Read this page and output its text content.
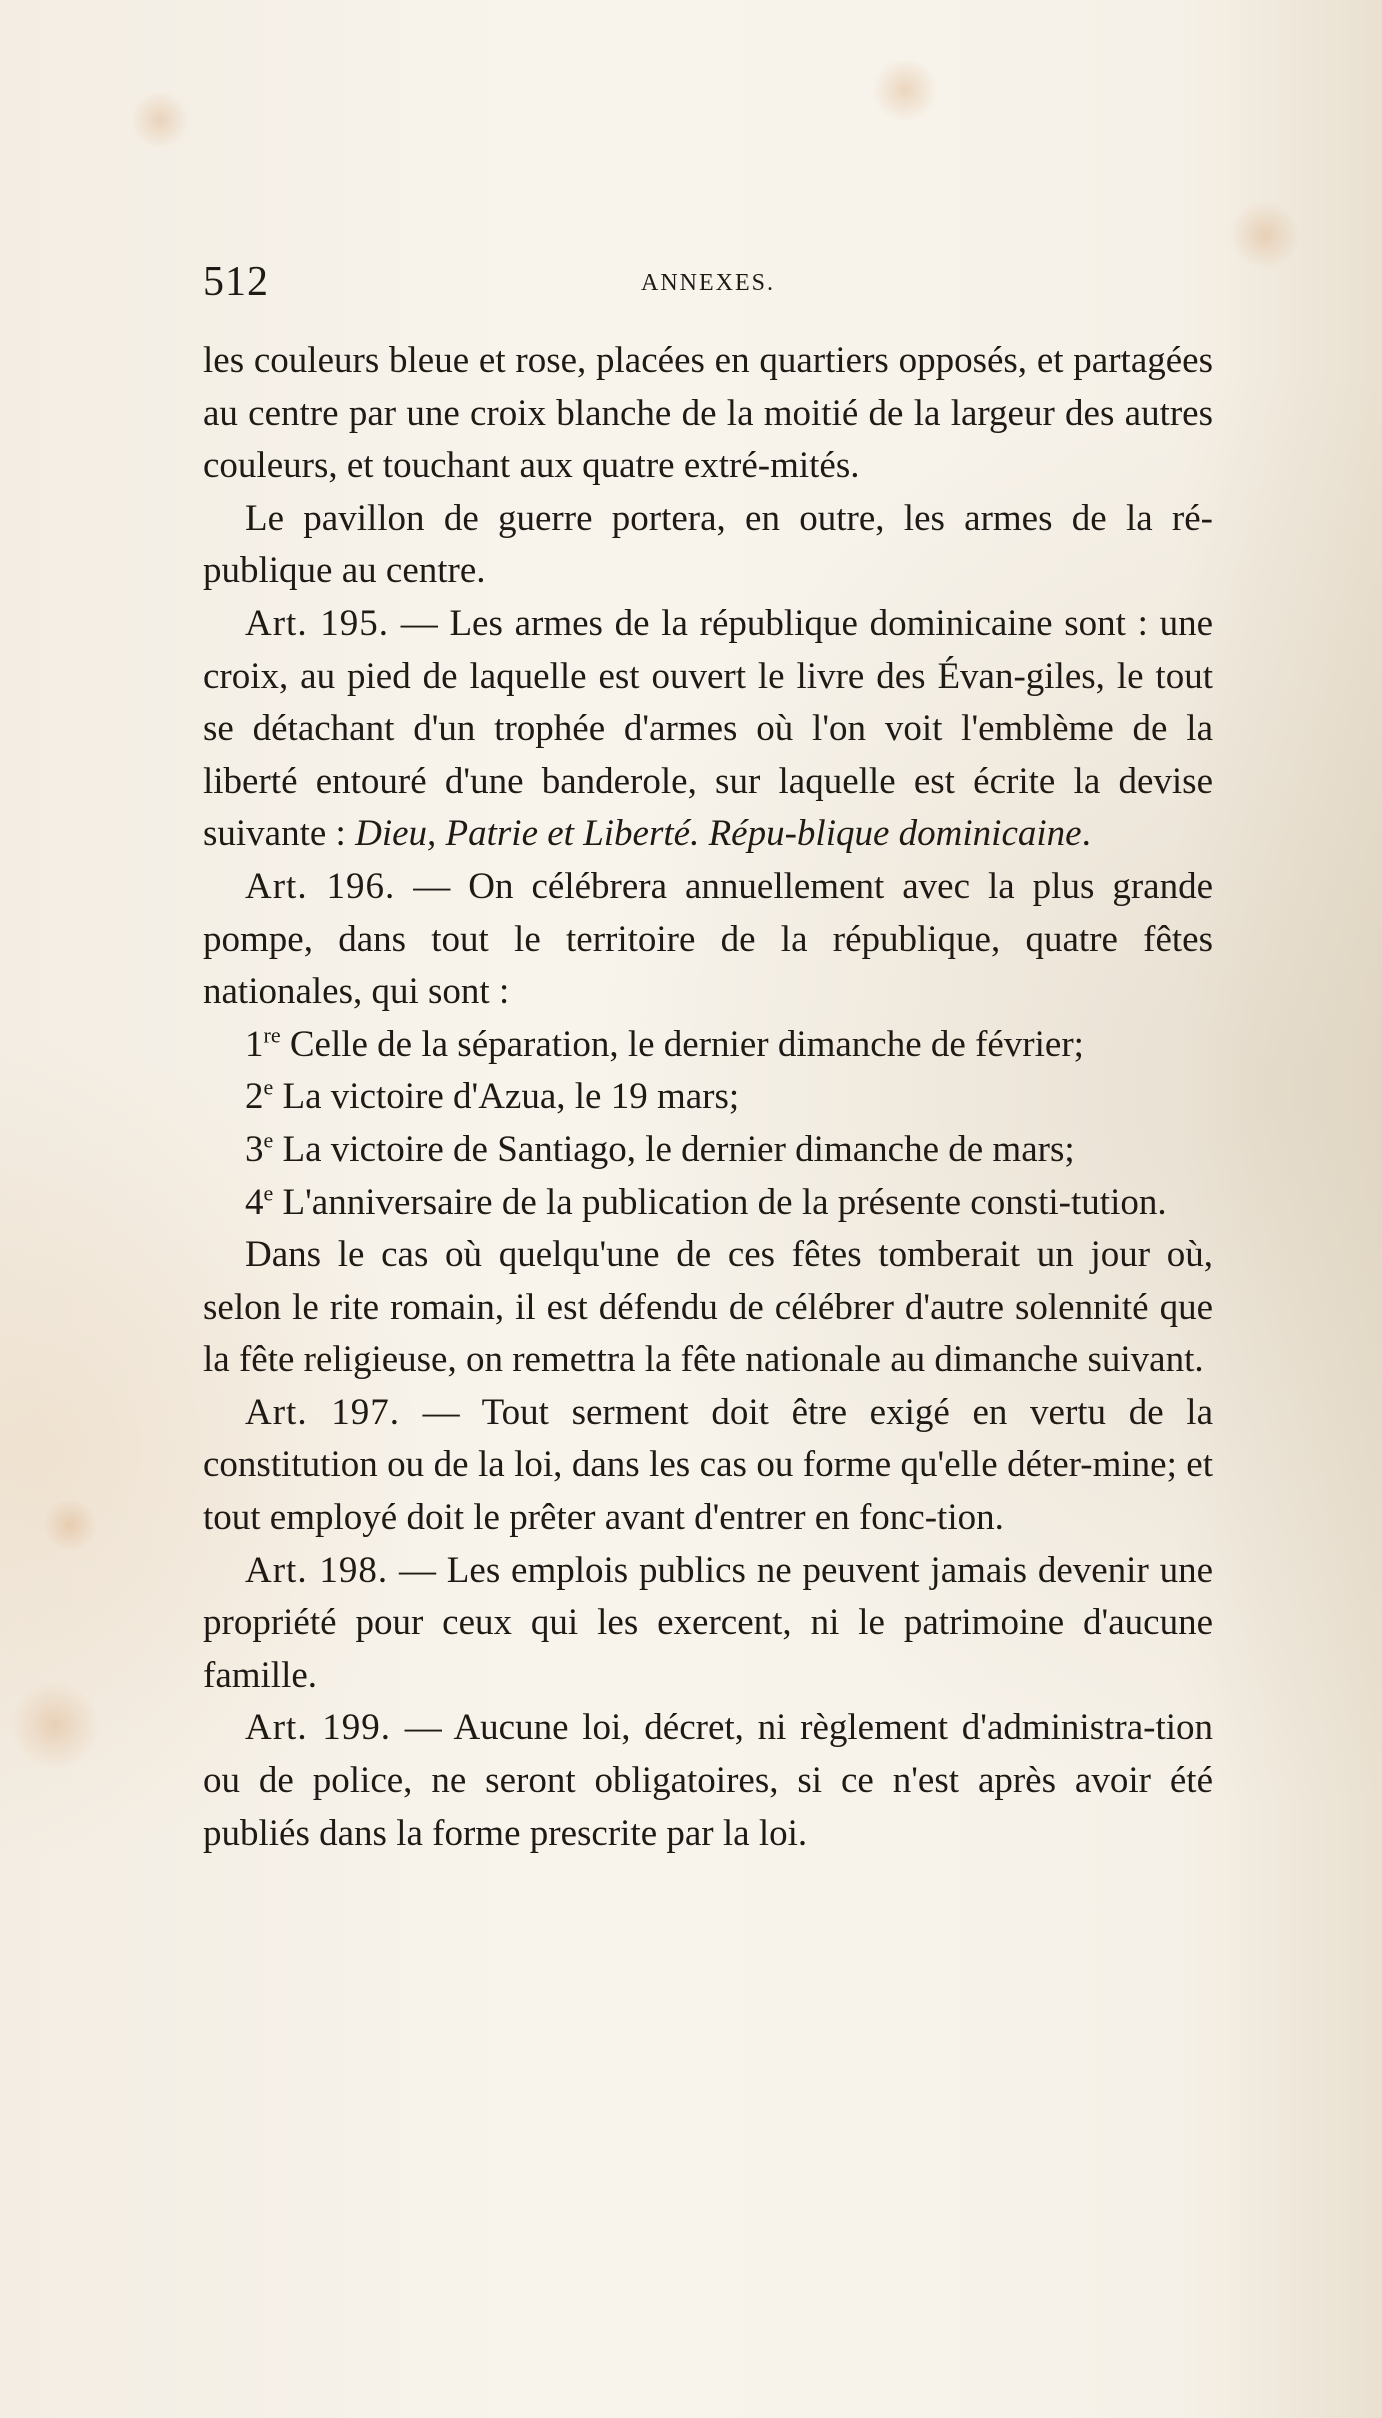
512	ANNEXES.

les couleurs bleue et rose, placées en quartiers opposés, et partagées au centre par une croix blanche de la moitié de la largeur des autres couleurs, et touchant aux quatre extré-mités.

Le pavillon de guerre portera, en outre, les armes de la ré-publique au centre.

Art. 195. — Les armes de la république dominicaine sont : une croix, au pied de laquelle est ouvert le livre des Évan-giles, le tout se détachant d'un trophée d'armes où l'on voit l'emblème de la liberté entouré d'une banderole, sur laquelle est écrite la devise suivante : Dieu, Patrie et Liberté. Répu-blique dominicaine.

Art. 196. — On célébrera annuellement avec la plus grande pompe, dans tout le territoire de la république, quatre fêtes nationales, qui sont :

1re Celle de la séparation, le dernier dimanche de février;

2e La victoire d'Azua, le 19 mars;

3e La victoire de Santiago, le dernier dimanche de mars;

4e L'anniversaire de la publication de la présente consti-tution.

Dans le cas où quelqu'une de ces fêtes tomberait un jour où, selon le rite romain, il est défendu de célébrer d'autre solennité que la fête religieuse, on remettra la fête nationale au dimanche suivant.

Art. 197. — Tout serment doit être exigé en vertu de la constitution ou de la loi, dans les cas ou forme qu'elle déter-mine; et tout employé doit le prêter avant d'entrer en fonc-tion.

Art. 198. — Les emplois publics ne peuvent jamais devenir une propriété pour ceux qui les exercent, ni le patrimoine d'aucune famille.

Art. 199. — Aucune loi, décret, ni règlement d'administra-tion ou de police, ne seront obligatoires, si ce n'est après avoir été publiés dans la forme prescrite par la loi.
